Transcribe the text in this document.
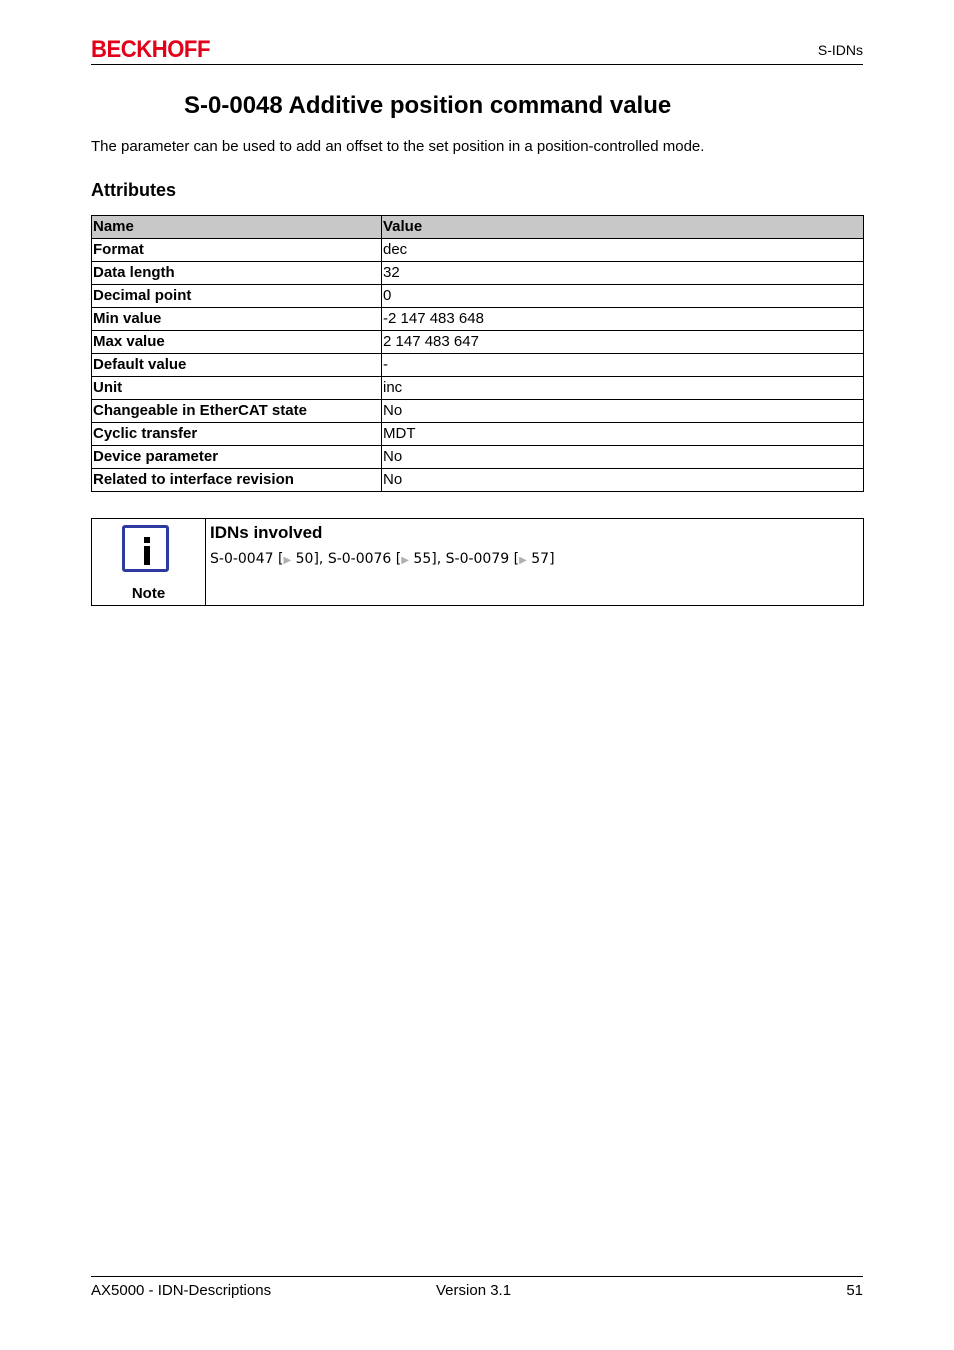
BECKHOFF	S-IDNs
S-0-0048 Additive position command value

The parameter can be used to add an offset to the set position in a position-controlled mode.

Attributes
Name	Value
Format	dec
Data length	32
Decimal point	0
Min value	-2 147 483 648
Max value	2 147 483 647
Default value	-
Unit	inc
Changeable in EtherCAT state	No
Cyclic transfer	MDT
Device parameter	No
Related to interface revision	No
Note
IDNs involved
S-0-0047 [▶ 50], S-0-0076 [▶ 55], S-0-0079 [▶ 57]
AX5000 - IDN-Descriptions	Version 3.1	51
